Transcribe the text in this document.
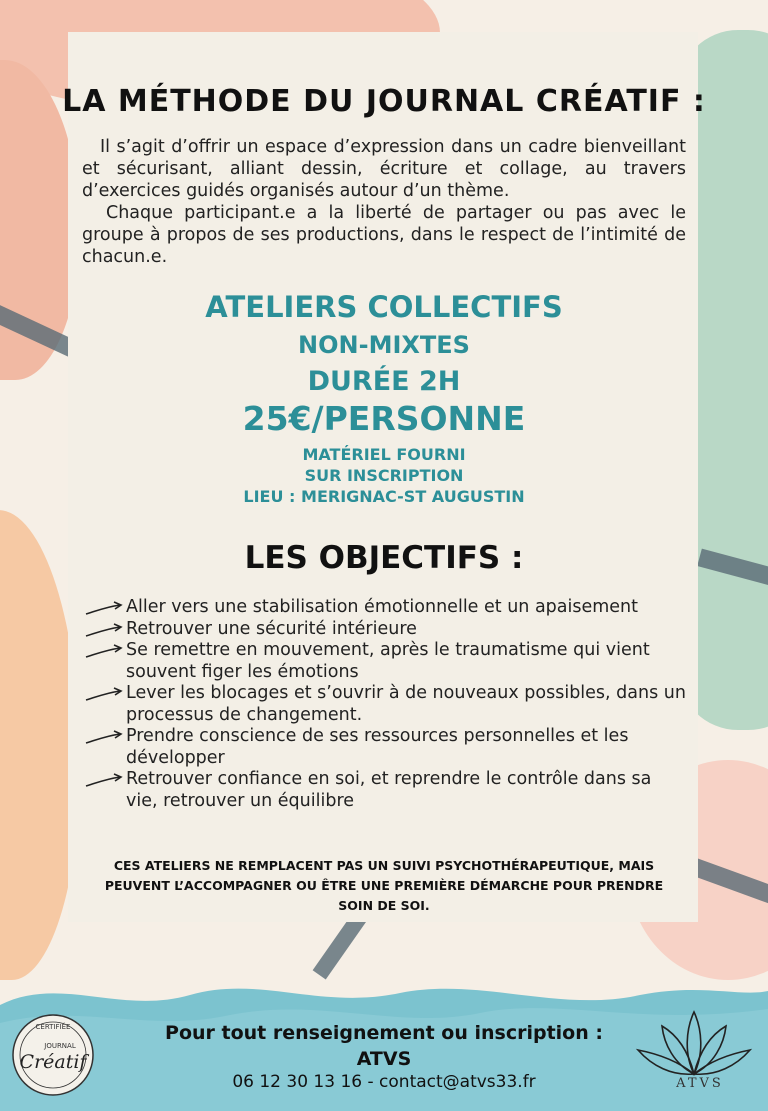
LA MÉTHODE DU JOURNAL CRÉATIF :

Il s’agit d’offrir un espace d’expression dans un cadre bienveillant et sécurisant, alliant dessin, écriture et collage, au travers d’exercices guidés organisés autour d’un thème.

Chaque participant.e a la liberté de partager ou pas avec le groupe à propos de ses productions, dans le respect de l’intimité de chacun.e.

ATELIERS COLLECTIFS
NON-MIXTES
DURÉE 2H
25€/PERSONNE
MATÉRIEL FOURNI
SUR INSCRIPTION
LIEU : MERIGNAC-ST AUGUSTIN
LES OBJECTIFS :
Aller vers une stabilisation émotionnelle et un apaisement
Retrouver une sécurité intérieure
Se remettre en mouvement, après le traumatisme qui vient souvent figer les émotions
Lever les blocages et s’ouvrir à de nouveaux possibles, dans un processus de changement.
Prendre conscience de ses ressources personnelles et les développer
Retrouver confiance en soi, et reprendre le contrôle dans sa vie, retrouver un équilibre

CES ATELIERS NE REMPLACENT PAS UN SUIVI PSYCHOTHÉRAPEUTIQUE, MAIS PEUVENT L’ACCOMPAGNER OU ÊTRE UNE PREMIÈRE DÉMARCHE POUR PRENDRE SOIN DE SOI.

CERTIFIÉE
JOURNAL
Créatif
Pour tout renseignement ou inscription :
ATVS
06 12 30 13 16 - contact@atvs33.fr	ATVS
